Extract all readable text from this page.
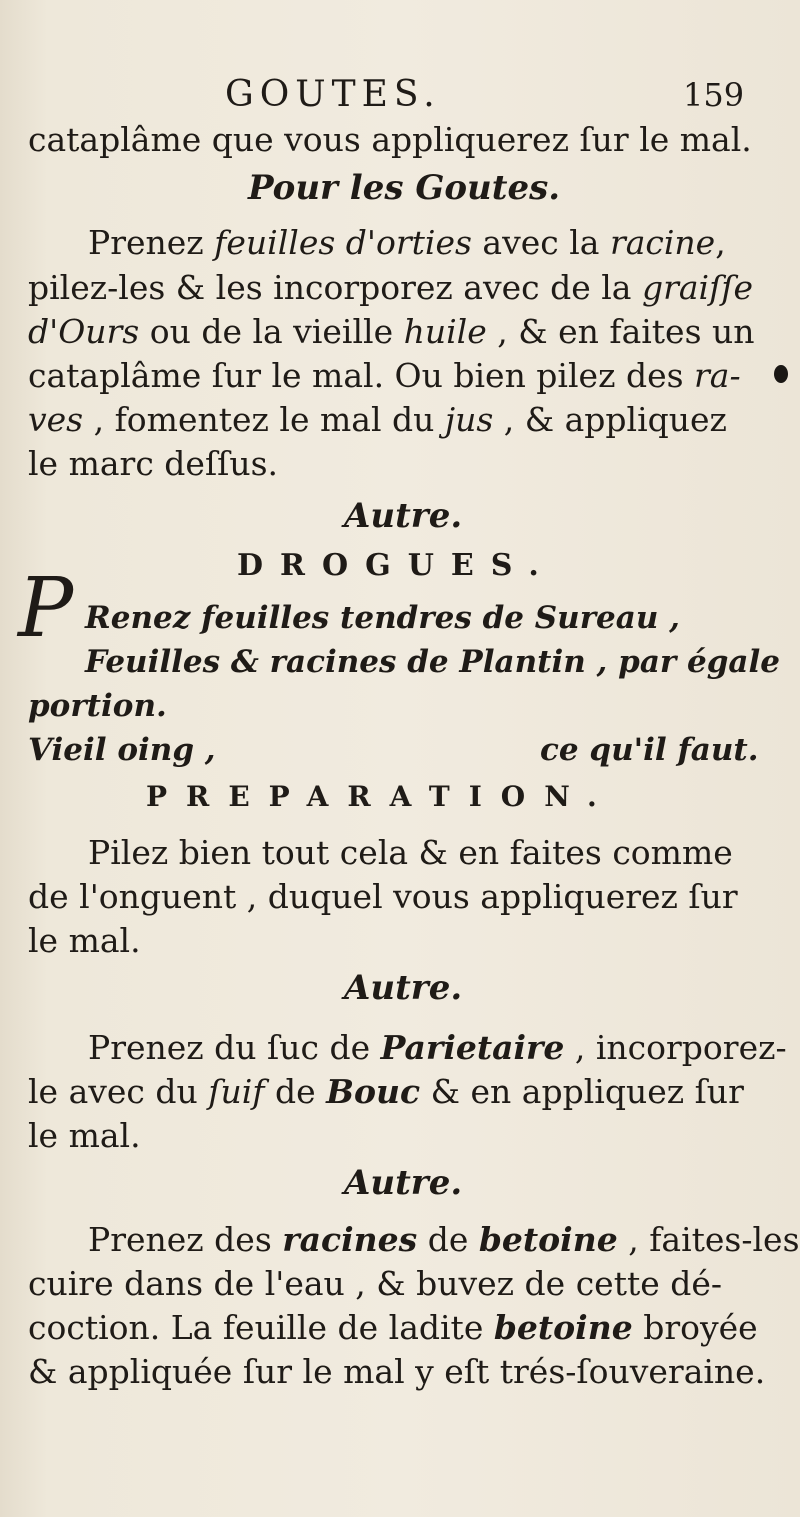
GOUTES.	159
cataplâme que vous appliquerez ſur le mal.
Pour les Goutes.
Prenez feuilles d'orties avec la racine,
pilez-les & les incorporez avec de la graiſſe
d'Ours ou de la vieille huile , & en faites un
cataplâme ſur le mal. Ou bien pilez des ra-
ves , fomentez le mal du jus , & appliquez
le marc deſſus.
Autre.
DROGUES.
P Renez feuilles tendres de Sureau ,
Feuilles & racines de Plantin , par égale
portion.
Vieil oing ,	ce qu'il faut.
PREPARATION.
Pilez bien tout cela & en faites comme
de l'onguent , duquel vous appliquerez ſur
le mal.
Autre.
Prenez du ſuc de Parietaire , incorporez-
le avec du ſuif de Bouc & en appliquez ſur
le mal.
Autre.
Prenez des racines de betoine , faites-les
cuire dans de l'eau , & buvez de cette dé-
coction. La feuille de ladite betoine broyée
& appliquée ſur le mal y eſt trés-ſouveraine.
